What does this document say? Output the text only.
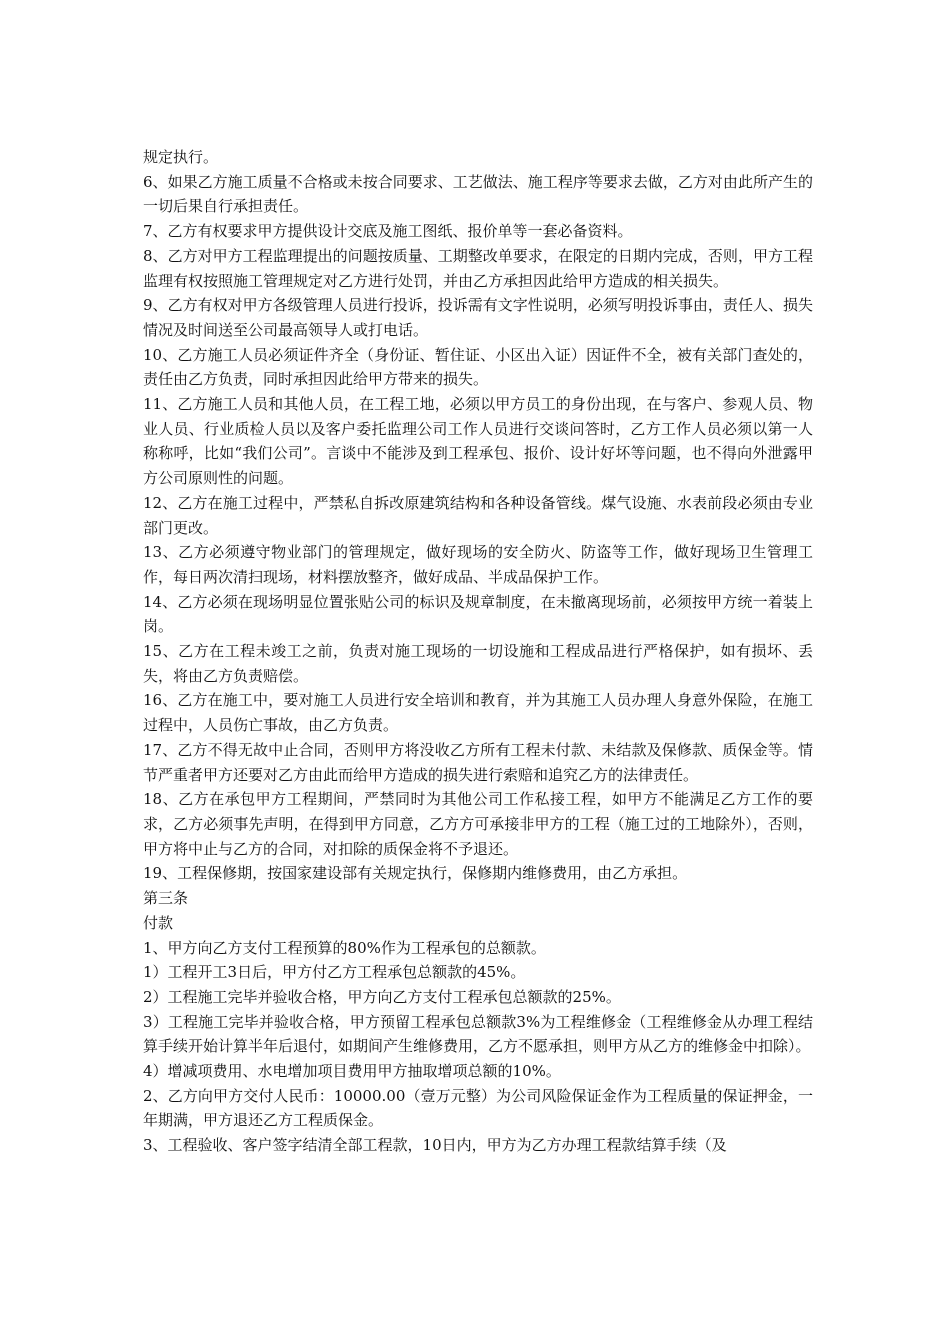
规定执行。

6、如果乙方施工质量不合格或未按合同要求、工艺做法、施工程序等要求去做，乙方对由此所产生的一切后果自行承担责任。

7、乙方有权要求甲方提供设计交底及施工图纸、报价单等一套必备资料。

8、乙方对甲方工程监理提出的问题按质量、工期整改单要求，在限定的日期内完成，否则，甲方工程监理有权按照施工管理规定对乙方进行处罚，并由乙方承担因此给甲方造成的相关损失。

9、乙方有权对甲方各级管理人员进行投诉，投诉需有文字性说明，必须写明投诉事由，责任人、损失情况及时间送至公司最高领导人或打电话。

10、乙方施工人员必须证件齐全（身份证、暂住证、小区出入证）因证件不全，被有关部门查处的，责任由乙方负责，同时承担因此给甲方带来的损失。

11、乙方施工人员和其他人员，在工程工地，必须以甲方员工的身份出现，在与客户、参观人员、物业人员、行业质检人员以及客户委托监理公司工作人员进行交谈问答时，乙方工作人员必须以第一人称称呼，比如“我们公司”。言谈中不能涉及到工程承包、报价、设计好坏等问题，也不得向外泄露甲方公司原则性的问题。

12、乙方在施工过程中，严禁私自拆改原建筑结构和各种设备管线。煤气设施、水表前段必须由专业部门更改。

13、乙方必须遵守物业部门的管理规定，做好现场的安全防火、防盗等工作，做好现场卫生管理工作，每日两次清扫现场，材料摆放整齐，做好成品、半成品保护工作。

14、乙方必须在现场明显位置张贴公司的标识及规章制度，在未撤离现场前，必须按甲方统一着装上岗。

15、乙方在工程未竣工之前，负责对施工现场的一切设施和工程成品进行严格保护，如有损坏、丢失，将由乙方负责赔偿。

16、乙方在施工中，要对施工人员进行安全培训和教育，并为其施工人员办理人身意外保险，在施工过程中，人员伤亡事故，由乙方负责。

17、乙方不得无故中止合同，否则甲方将没收乙方所有工程未付款、未结款及保修款、质保金等。情节严重者甲方还要对乙方由此而给甲方造成的损失进行索赔和追究乙方的法律责任。

18、乙方在承包甲方工程期间，严禁同时为其他公司工作私接工程，如甲方不能满足乙方工作的要求，乙方必须事先声明，在得到甲方同意，乙方方可承接非甲方的工程（施工过的工地除外），否则，甲方将中止与乙方的合同，对扣除的质保金将不予退还。

19、工程保修期，按国家建设部有关规定执行，保修期内维修费用，由乙方承担。

第三条

付款

1、甲方向乙方支付工程预算的80%作为工程承包的总额款。

1）工程开工3日后，甲方付乙方工程承包总额款的45%。

2）工程施工完毕并验收合格，甲方向乙方支付工程承包总额款的25%。

3）工程施工完毕并验收合格，甲方预留工程承包总额款3%为工程维修金（工程维修金从办理工程结算手续开始计算半年后退付，如期间产生维修费用，乙方不愿承担，则甲方从乙方的维修金中扣除）。

4）增减项费用、水电增加项目费用甲方抽取增项总额的10%。

2、乙方向甲方交付人民币：10000.00（壹万元整）为公司风险保证金作为工程质量的保证押金，一年期满，甲方退还乙方工程质保金。

3、工程验收、客户签字结清全部工程款，10日内，甲方为乙方办理工程款结算手续（及
